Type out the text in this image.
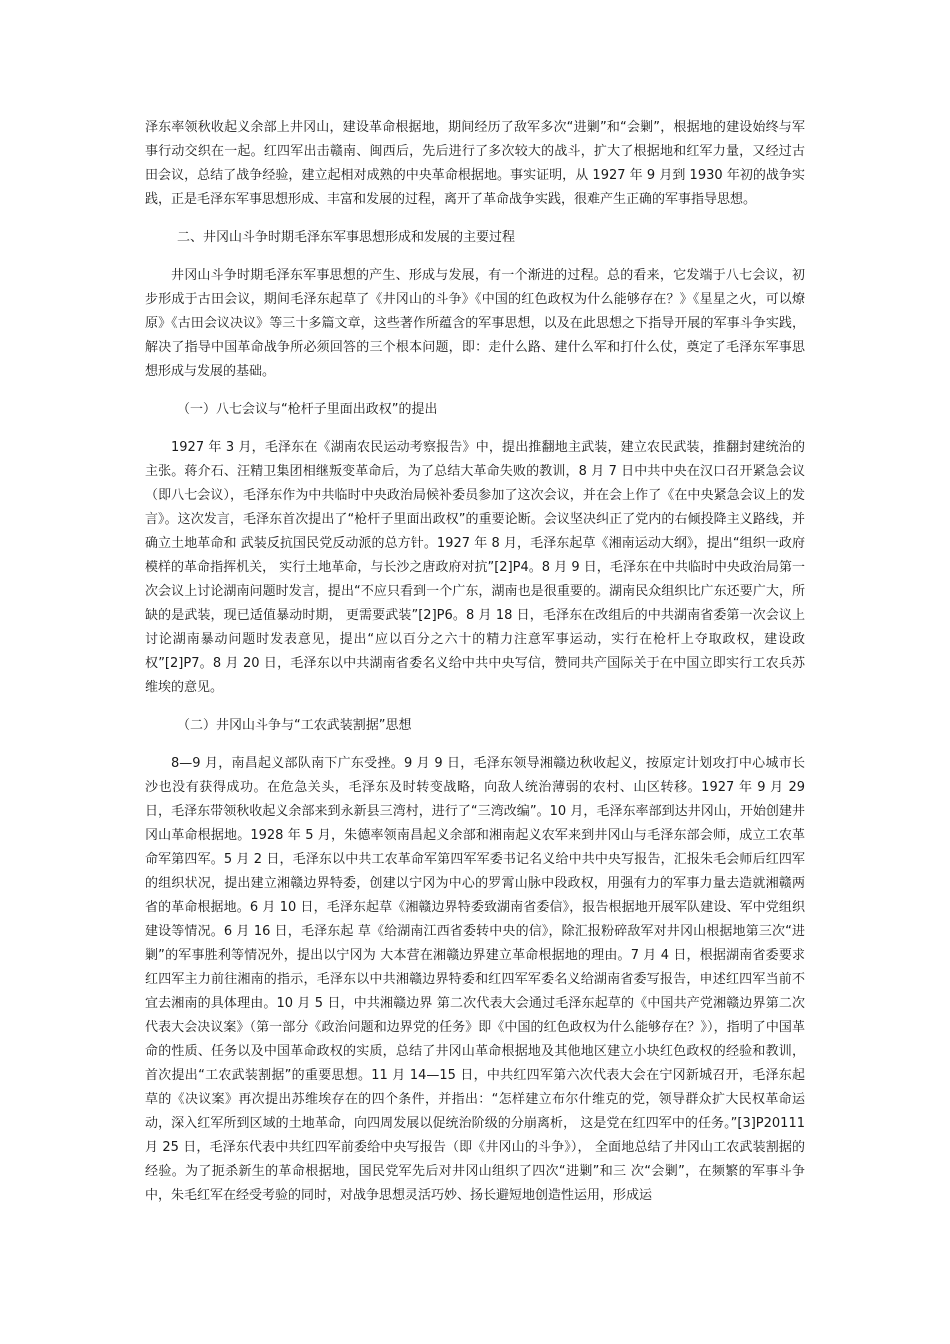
泽东率领秋收起义余部上井冈山，建设革命根据地，期间经历了敌军多次“进剿”和“会剿”，根据地的建设始终与军事行动交织在一起。红四军出击赣南、闽西后，先后进行了多次较大的战斗，扩大了根据地和红军力量，又经过古田会议，总结了战争经验，建立起相对成熟的中央革命根据地。事实证明，从 1927 年 9 月到 1930 年初的战争实践，正是毛泽东军事思想形成、丰富和发展的过程，离开了革命战争实践，很难产生正确的军事指导思想。

二、井冈山斗争时期毛泽东军事思想形成和发展的主要过程

井冈山斗争时期毛泽东军事思想的产生、形成与发展，有一个渐进的过程。总的看来，它发端于八七会议，初步形成于古田会议，期间毛泽东起草了《井冈山的斗争》《中国的红色政权为什么能够存在？》《星星之火，可以燎原》《古田会议决议》等三十多篇文章，这些著作所蕴含的军事思想，以及在此思想之下指导开展的军事斗争实践，解决了指导中国革命战争所必须回答的三个根本问题，即：走什么路、建什么军和打什么仗，奠定了毛泽东军事思想形成与发展的基础。

（一）八七会议与“枪杆子里面出政权”的提出

1927 年 3 月，毛泽东在《湖南农民运动考察报告》中，提出推翻地主武装，建立农民武装，推翻封建统治的主张。蒋介石、汪精卫集团相继叛变革命后，为了总结大革命失败的教训，8 月 7 日中共中央在汉口召开紧急会议（即八七会议），毛泽东作为中共临时中央政治局候补委员参加了这次会议，并在会上作了《在中央紧急会议上的发言》。这次发言，毛泽东首次提出了“枪杆子里面出政权”的重要论断。会议坚决纠正了党内的右倾投降主义路线，并确立土地革命和 武装反抗国民党反动派的总方针。1927 年 8 月，毛泽东起草《湘南运动大纲》，提出“组织一政府模样的革命指挥机关， 实行土地革命，与长沙之唐政府对抗”[2]P4。8 月 9 日，毛泽东在中共临时中央政治局第一次会议上讨论湖南问题时发言，提出“不应只看到一个广东，湖南也是很重要的。湖南民众组织比广东还要广大，所缺的是武装，现已适值暴动时期， 更需要武装”[2]P6。8 月 18 日，毛泽东在改组后的中共湖南省委第一次会议上讨论湖南暴动问题时发表意见，提出“应以百分之六十的精力注意军事运动，实行在枪杆上夺取政权，建设政权”[2]P7。8 月 20 日，毛泽东以中共湖南省委名义给中共中央写信，赞同共产国际关于在中国立即实行工农兵苏维埃的意见。

（二）井冈山斗争与“工农武装割据”思想

8—9 月，南昌起义部队南下广东受挫。9 月 9 日，毛泽东领导湘赣边秋收起义，按原定计划攻打中心城市长沙也没有获得成功。在危急关头，毛泽东及时转变战略，向敌人统治薄弱的农村、山区转移。1927 年 9 月 29 日，毛泽东带领秋收起义余部来到永新县三湾村，进行了“三湾改编”。10 月，毛泽东率部到达井冈山，开始创建井冈山革命根据地。1928 年 5 月，朱德率领南昌起义余部和湘南起义农军来到井冈山与毛泽东部会师，成立工农革命军第四军。5 月 2 日，毛泽东以中共工农革命军第四军军委书记名义给中共中央写报告，汇报朱毛会师后红四军的组织状况，提出建立湘赣边界特委，创建以宁冈为中心的罗霄山脉中段政权，用强有力的军事力量去造就湘赣两省的革命根据地。6 月 10 日，毛泽东起草《湘赣边界特委致湖南省委信》，报告根据地开展军队建设、军中党组织建设等情况。6 月 16 日，毛泽东起 草《给湖南江西省委转中央的信》，除汇报粉碎敌军对井冈山根据地第三次“进剿”的军事胜利等情况外，提出以宁冈为 大本营在湘赣边界建立革命根据地的理由。7 月 4 日，根据湖南省委要求红四军主力前往湘南的指示，毛泽东以中共湘赣边界特委和红四军军委名义给湖南省委写报告，申述红四军当前不宜去湘南的具体理由。10 月 5 日，中共湘赣边界 第二次代表大会通过毛泽东起草的《中国共产党湘赣边界第二次代表大会决议案》（第一部分《政治问题和边界党的任务》即《中国的红色政权为什么能够存在？》），指明了中国革命的性质、任务以及中国革命政权的实质，总结了井冈山革命根据地及其他地区建立小块红色政权的经验和教训，首次提出“工农武装割据”的重要思想。11 月 14—15 日，中共红四军第六次代表大会在宁冈新城召开，毛泽东起草的《决议案》再次提出苏维埃存在的四个条件，并指出：“怎样建立布尔什维克的党，领导群众扩大民权革命运动，深入红军所到区域的土地革命，向四周发展以促统治阶级的分崩离析， 这是党在红四军中的任务。”[3]P20111 月 25 日，毛泽东代表中共红四军前委给中央写报告（即《井冈山的斗争》）， 全面地总结了井冈山工农武装割据的经验。为了扼杀新生的革命根据地，国民党军先后对井冈山组织了四次“进剿”和三 次“会剿”，在频繁的军事斗争中，朱毛红军在经受考验的同时，对战争思想灵活巧妙、扬长避短地创造性运用，形成运
